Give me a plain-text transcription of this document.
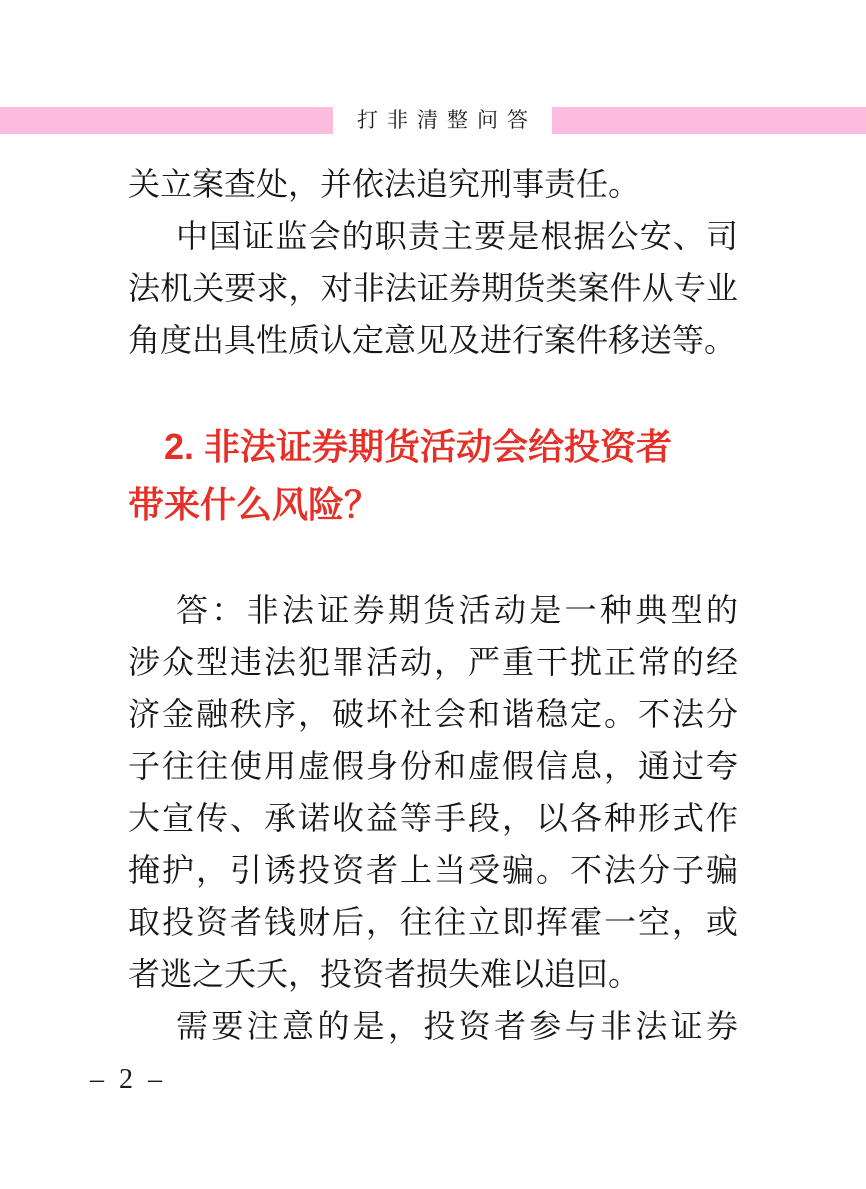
打非清整问答
关立案查处，并依法追究刑事责任。
中国证监会的职责主要是根据公安、司
法机关要求，对非法证券期货类案件从专业
角度出具性质认定意见及进行案件移送等。
2. 非法证券期货活动会给投资者
带来什么风险？
答：非法证券期货活动是一种典型的
涉众型违法犯罪活动，严重干扰正常的经
济金融秩序，破坏社会和谐稳定。不法分
子往往使用虚假身份和虚假信息，通过夸
大宣传、承诺收益等手段，以各种形式作
掩护，引诱投资者上当受骗。不法分子骗
取投资者钱财后，往往立即挥霍一空，或
者逃之夭夭，投资者损失难以追回。
需要注意的是，投资者参与非法证券
– 2 –
